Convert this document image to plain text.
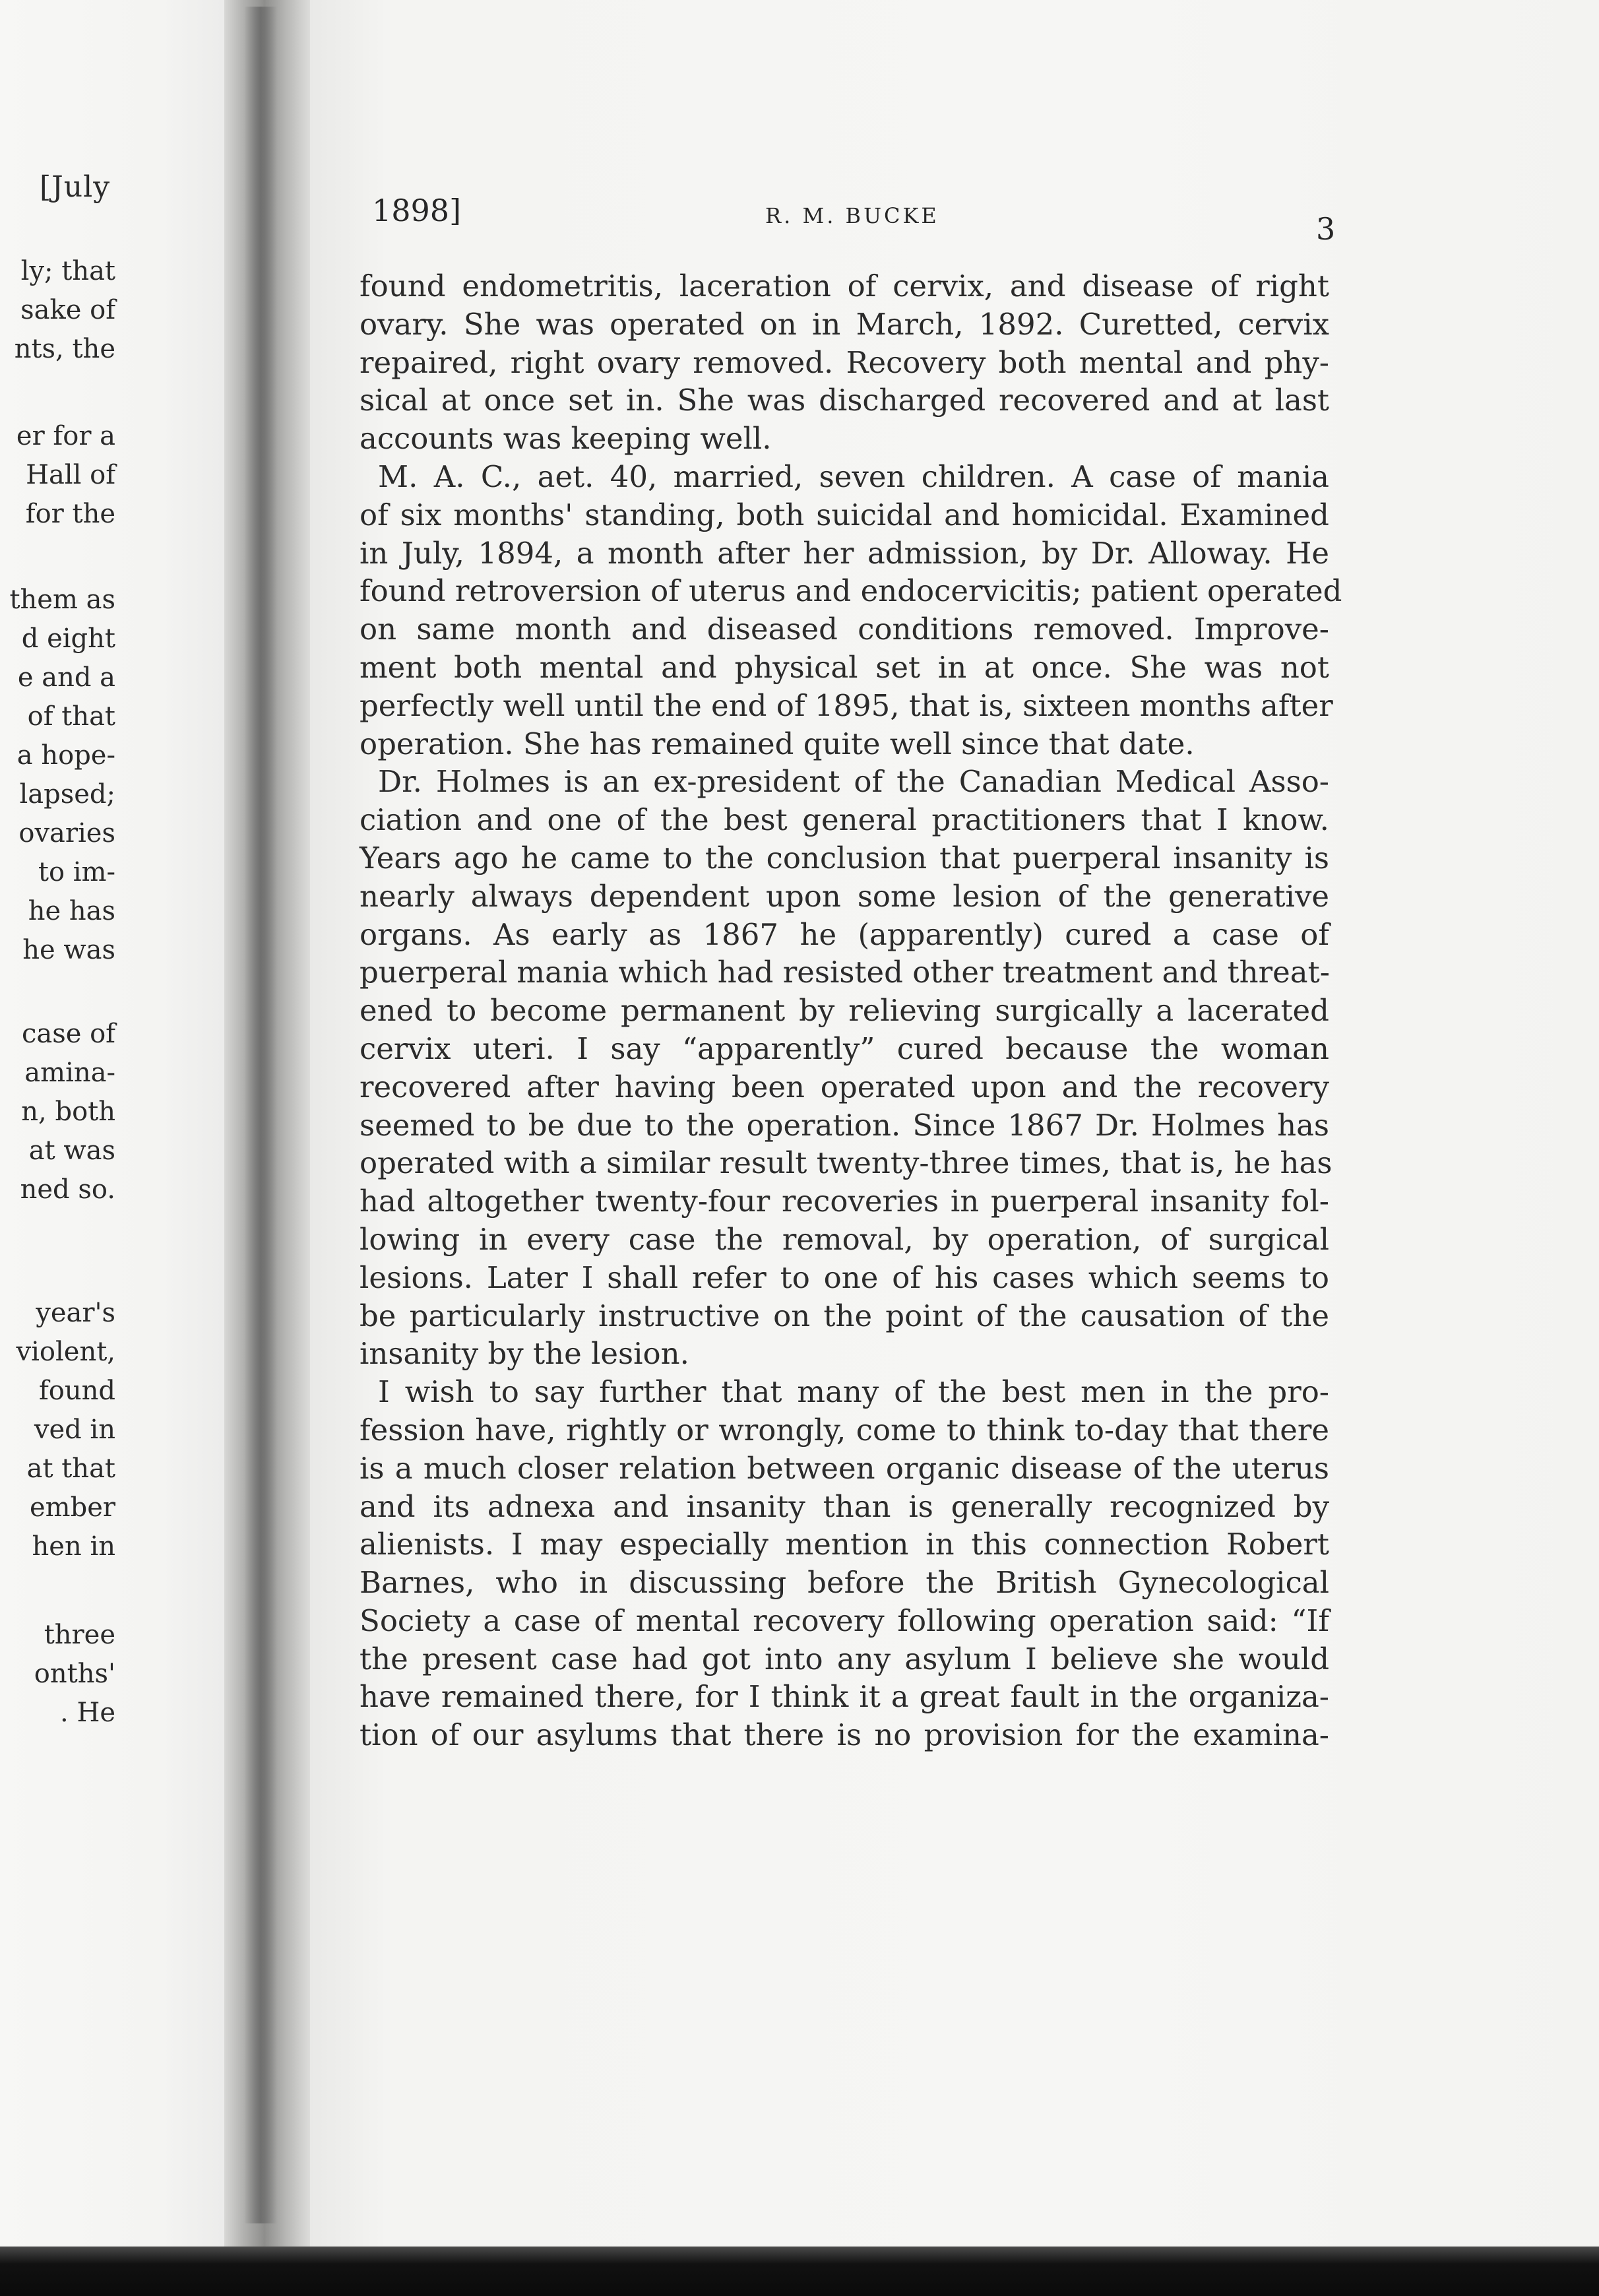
[July
ly; that
sake of
nts, the
er for a
Hall of
for the
them as
d eight
e and a
of that
a hope-
lapsed;
ovaries
to im-
he has
he was
case of
amina-
n, both
at was
ned so.
year's
violent,
found
ved in
at that
ember
hen in
three
onths'
. He
1898]	R. M. BUCKE	3
found endometritis, laceration of cervix, and disease of right
ovary. She was operated on in March, 1892. Curetted, cervix
repaired, right ovary removed. Recovery both mental and phy-
sical at once set in. She was discharged recovered and at last
accounts was keeping well.
M. A. C., aet. 40, married, seven children. A case of mania
of six months' standing, both suicidal and homicidal. Examined
in July, 1894, a month after her admission, by Dr. Alloway. He
found retroversion of uterus and endocervicitis; patient operated
on same month and diseased conditions removed. Improve-
ment both mental and physical set in at once. She was not
perfectly well until the end of 1895, that is, sixteen months after
operation. She has remained quite well since that date.
Dr. Holmes is an ex-president of the Canadian Medical Asso-
ciation and one of the best general practitioners that I know.
Years ago he came to the conclusion that puerperal insanity is
nearly always dependent upon some lesion of the generative
organs. As early as 1867 he (apparently) cured a case of
puerperal mania which had resisted other treatment and threat-
ened to become permanent by relieving surgically a lacerated
cervix uteri. I say “apparently” cured because the woman
recovered after having been operated upon and the recovery
seemed to be due to the operation. Since 1867 Dr. Holmes has
operated with a similar result twenty-three times, that is, he has
had altogether twenty-four recoveries in puerperal insanity fol-
lowing in every case the removal, by operation, of surgical
lesions. Later I shall refer to one of his cases which seems to
be particularly instructive on the point of the causation of the
insanity by the lesion.
I wish to say further that many of the best men in the pro-
fession have, rightly or wrongly, come to think to-day that there
is a much closer relation between organic disease of the uterus
and its adnexa and insanity than is generally recognized by
alienists. I may especially mention in this connection Robert
Barnes, who in discussing before the British Gynecological
Society a case of mental recovery following operation said: “If
the present case had got into any asylum I believe she would
have remained there, for I think it a great fault in the organiza-
tion of our asylums that there is no provision for the examina-
